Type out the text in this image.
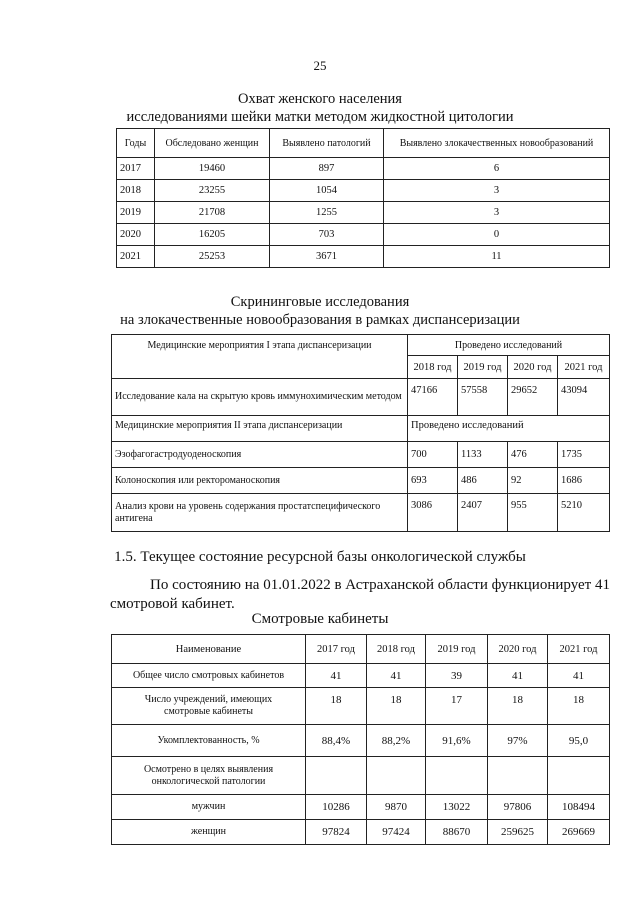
25
Охват женского населения
исследованиями шейки матки методом жидкостной цитологии
Годы	Обследовано женщин	Выявлено патологий	Выявлено злокачественных новообразований
2017	19460	897	6
2018	23255	1054	3
2019	21708	1255	3
2020	16205	703	0
2021	25253	3671	11
Скрининговые исследования
на злокачественные новообразования в рамках диспансеризации
Медицинские мероприятия I этапа диспансеризации	Проведено исследований			
	2018 год	2019 год	2020 год	2021 год
Исследование кала на скрытую кровь иммунохимическим методом	47166	57558	29652	43094
Медицинские мероприятия II этапа диспансеризации	Проведено исследований			
Эзофагогастродуоденоскопия	700	1133	476	1735
Колоноскопия или ректороманоскопия	693	486	92	1686
Анализ крови на уровень содержания простатспецифического антигена	3086	2407	955	5210
1.5. Текущее состояние ресурсной базы онкологической службы
По состоянию на 01.01.2022 в Астраханской области функционирует 41 смотровой кабинет.
Смотровые кабинеты
Наименование	2017 год	2018 год	2019 год	2020 год	2021 год
Общее число смотровых кабинетов	41	41	39	41	41
Число учреждений, имеющих смотровые кабинеты	18	18	17	18	18
Укомплектованность, %	88,4%	88,2%	91,6%	97%	95,0
Осмотрено в целях выявления онкологической патологии					
мужчин	10286	9870	13022	97806	108494
женщин	97824	97424	88670	259625	269669
